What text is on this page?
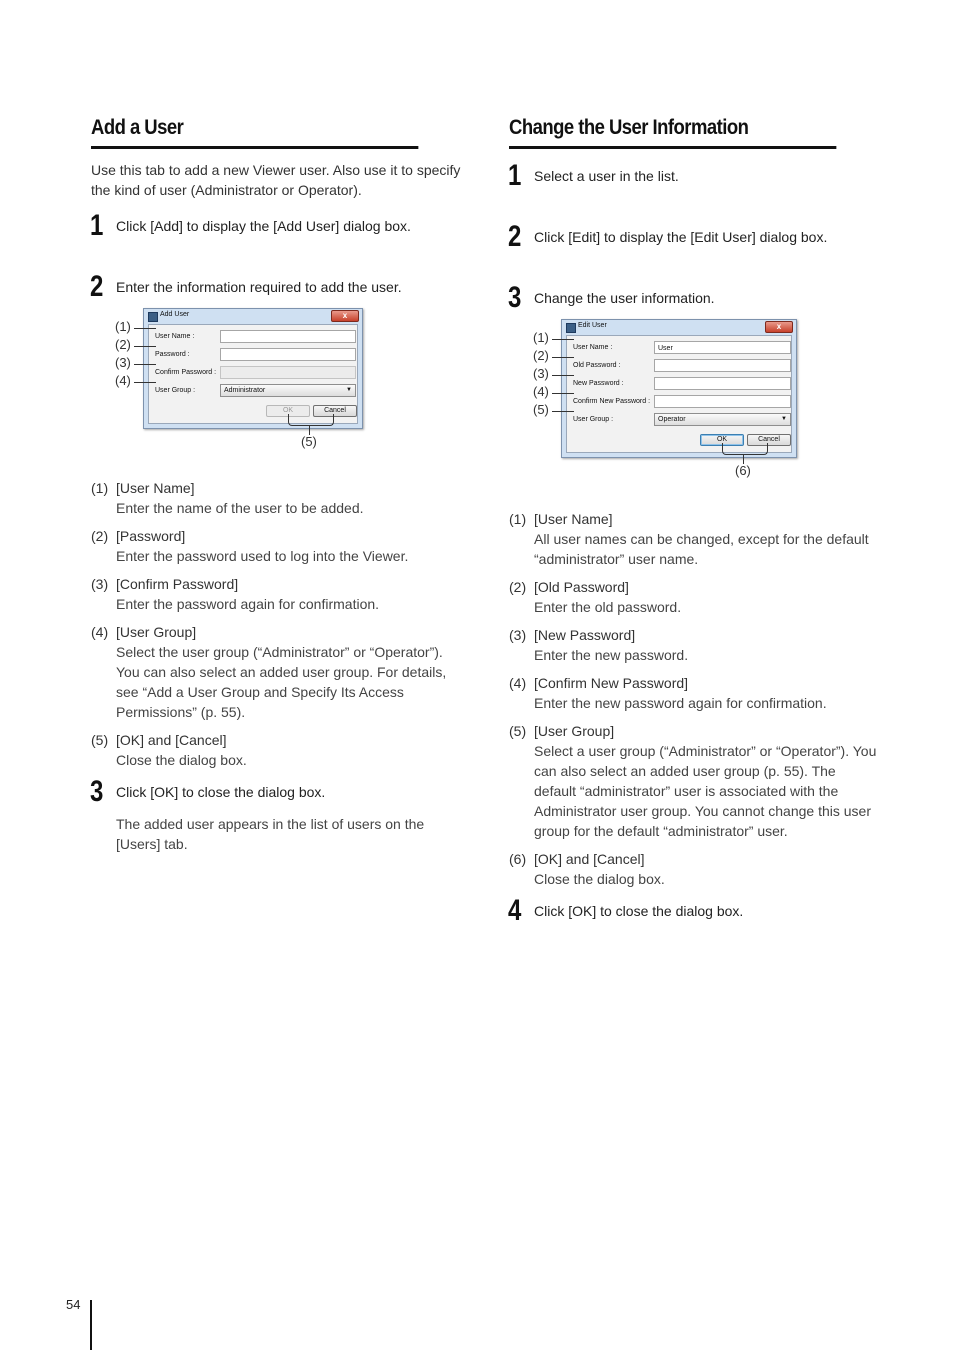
Add a User

Use this tab to add a new Viewer user. Also use it to specify the kind of user (Administrator or Operator).

1 Click [Add] to display the [Add User] dialog box.
2 Enter the information required to add the user.
Add User	x
User Name :
Password :
Confirm Password :
User Group :	Administrator	▼
OK	Cancel
(1)
(2)
(3)
(4)
(5)
(1) [User Name]
Enter the name of the user to be added.
(2) [Password]
Enter the password used to log into the Viewer.
(3) [Confirm Password]
Enter the password again for confirmation.
(4) [User Group]
Select the user group (“Administrator” or “Operator”). You can also select an added user group. For details, see “Add a User Group and Specify Its Access Permissions” (p. 55).
(5) [OK] and [Cancel]
Close the dialog box.
3 Click [OK] to close the dialog box.
The added user appears in the list of users on the [Users] tab.
Change the User Information
1 Select a user in the list.
2 Click [Edit] to display the [Edit User] dialog box.
3 Change the user information.
Edit User	x
User Name :	User
Old Password :
New Password :
Confirm New Password :
User Group :	Operator	▼
OK	Cancel
(1)
(2)
(3)
(4)
(5)
(6)
(1) [User Name]
All user names can be changed, except for the default “administrator” user name.
(2) [Old Password]
Enter the old password.
(3) [New Password]
Enter the new password.
(4) [Confirm New Password]
Enter the new password again for confirmation.
(5) [User Group]
Select a user group (“Administrator” or “Operator”). You can also select an added user group (p. 55). The default “administrator” user is associated with the Administrator user group. You cannot change this user group for the default “administrator” user.
(6) [OK] and [Cancel]
Close the dialog box.
4 Click [OK] to close the dialog box.
54
